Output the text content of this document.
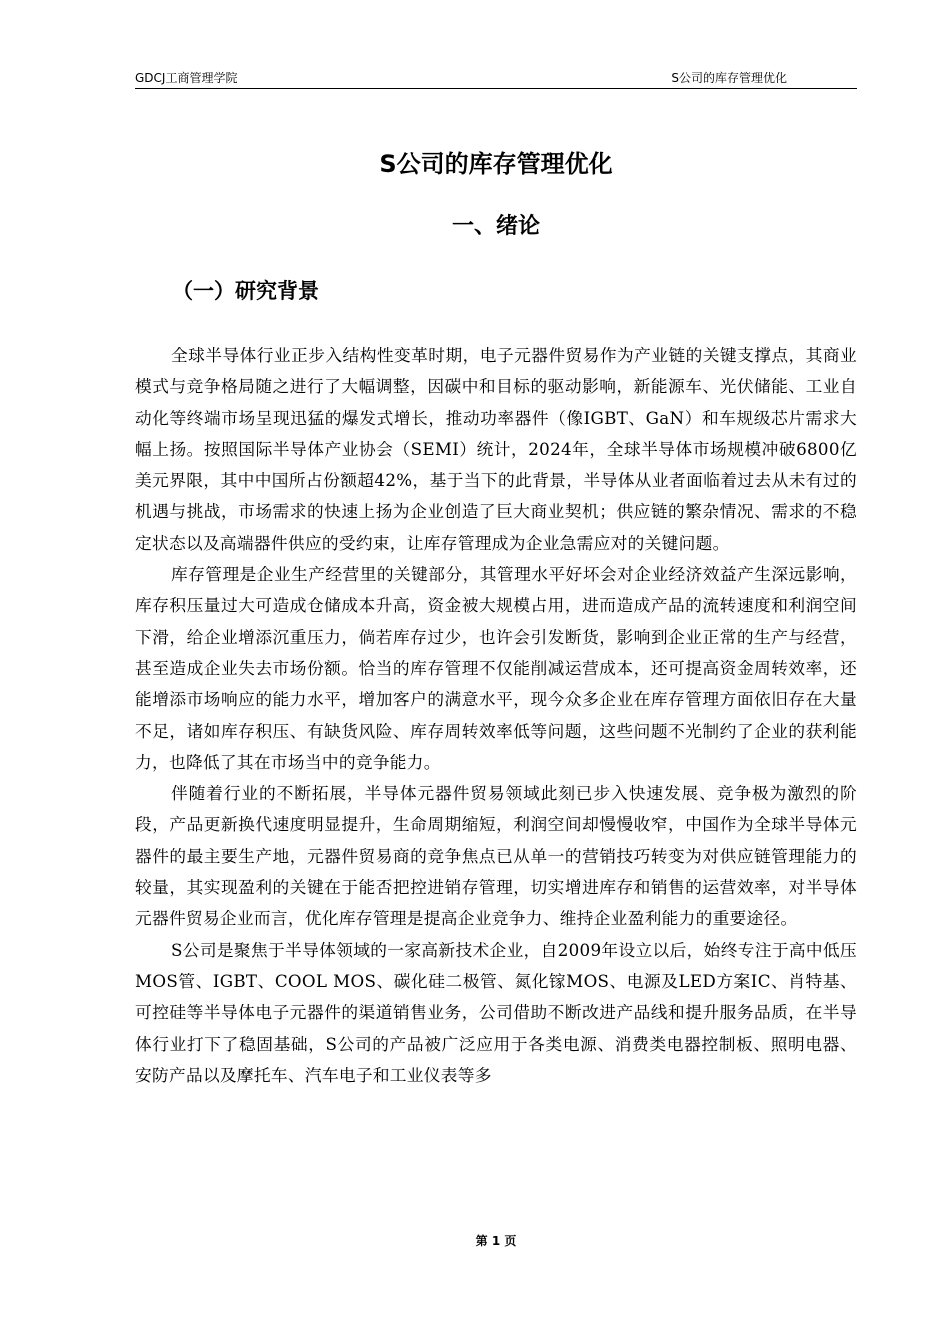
GDCJ工商管理学院	S公司的库存管理优化
S公司的库存管理优化
一、绪论
（一）研究背景

全球半导体行业正步入结构性变革时期，电子元器件贸易作为产业链的关键支撑点，其商业模式与竞争格局随之进行了大幅调整，因碳中和目标的驱动影响，新能源车、光伏储能、工业自动化等终端市场呈现迅猛的爆发式增长，推动功率器件（像IGBT、GaN）和车规级芯片需求大幅上扬。按照国际半导体产业协会（SEMI）统计，2024年，全球半导体市场规模冲破6800亿美元界限，其中中国所占份额超42%，基于当下的此背景，半导体从业者面临着过去从未有过的机遇与挑战，市场需求的快速上扬为企业创造了巨大商业契机；供应链的繁杂情况、需求的不稳定状态以及高端器件供应的受约束，让库存管理成为企业急需应对的关键问题。

库存管理是企业生产经营里的关键部分，其管理水平好坏会对企业经济效益产生深远影响，库存积压量过大可造成仓储成本升高，资金被大规模占用，进而造成产品的流转速度和利润空间下滑，给企业增添沉重压力，倘若库存过少，也许会引发断货，影响到企业正常的生产与经营，甚至造成企业失去市场份额。恰当的库存管理不仅能削减运营成本，还可提高资金周转效率，还能增添市场响应的能力水平，增加客户的满意水平，现今众多企业在库存管理方面依旧存在大量不足，诸如库存积压、有缺货风险、库存周转效率低等问题，这些问题不光制约了企业的获利能力，也降低了其在市场当中的竞争能力。

伴随着行业的不断拓展，半导体元器件贸易领域此刻已步入快速发展、竞争极为激烈的阶段，产品更新换代速度明显提升，生命周期缩短，利润空间却慢慢收窄，中国作为全球半导体元器件的最主要生产地，元器件贸易商的竞争焦点已从单一的营销技巧转变为对供应链管理能力的较量，其实现盈利的关键在于能否把控进销存管理，切实增进库存和销售的运营效率，对半导体元器件贸易企业而言，优化库存管理是提高企业竞争力、维持企业盈利能力的重要途径。

S公司是聚焦于半导体领域的一家高新技术企业，自2009年设立以后，始终专注于高中低压MOS管、IGBT、COOL MOS、碳化硅二极管、氮化镓MOS、电源及LED方案IC、肖特基、可控硅等半导体电子元器件的渠道销售业务，公司借助不断改进产品线和提升服务品质，在半导体行业打下了稳固基础，S公司的产品被广泛应用于各类电源、消费类电器控制板、照明电器、安防产品以及摩托车、汽车电子和工业仪表等多

第 1 页
